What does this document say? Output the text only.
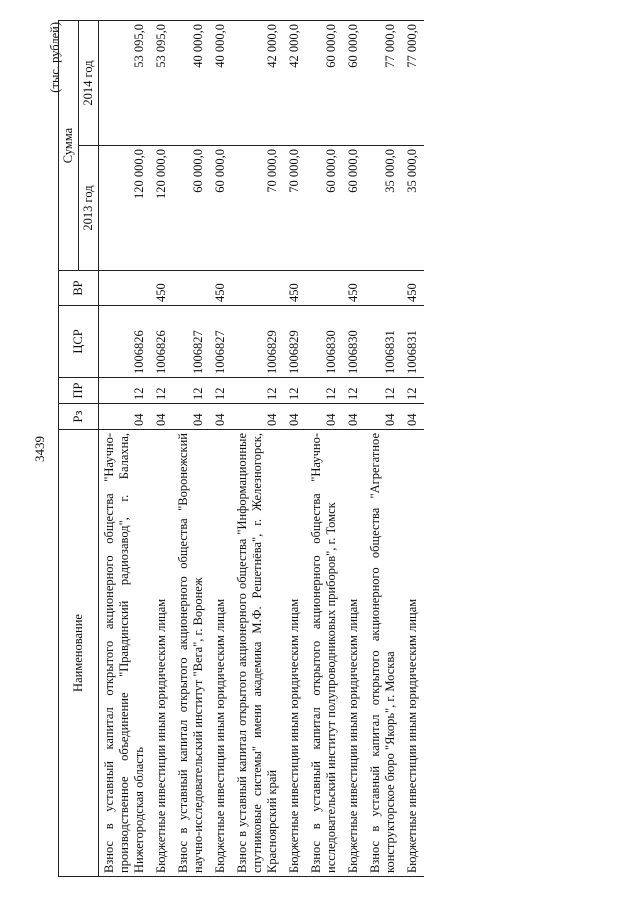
3439
(тыс. рублей)
Наименование	Рз	ПР	ЦСР	ВР	Сумма	
					2013 год	2014 год
Взнос в уставный капитал открытого акционерного общества "Научно-производственное объединение "Правдинский радиозавод", г. Балахна, Нижегородская область	04	12	1006826		120 000,0	53 095,0
Бюджетные инвестиции иным юридическим лицам	04	12	1006826	450	120 000,0	53 095,0
Взнос в уставный капитал открытого акционерного общества "Воронежский научно-исследовательский институт "Вега", г. Воронеж	04	12	1006827		60 000,0	40 000,0
Бюджетные инвестиции иным юридическим лицам	04	12	1006827	450	60 000,0	40 000,0
Взнос в уставный капитал открытого акционерного общества "Информационные спутниковые системы" имени академика М.Ф. Решетнёва", г. Железногорск, Красноярский край	04	12	1006829		70 000,0	42 000,0
Бюджетные инвестиции иным юридическим лицам	04	12	1006829	450	70 000,0	42 000,0
Взнос в уставный капитал открытого акционерного общества "Научно-исследовательский институт полупроводниковых приборов", г. Томск	04	12	1006830		60 000,0	60 000,0
Бюджетные инвестиции иным юридическим лицам	04	12	1006830	450	60 000,0	60 000,0
Взнос в уставный капитал открытого акционерного общества "Агрегатное конструкторское бюро "Якорь", г. Москва	04	12	1006831		35 000,0	77 000,0
Бюджетные инвестиции иным юридическим лицам	04	12	1006831	450	35 000,0	77 000,0
